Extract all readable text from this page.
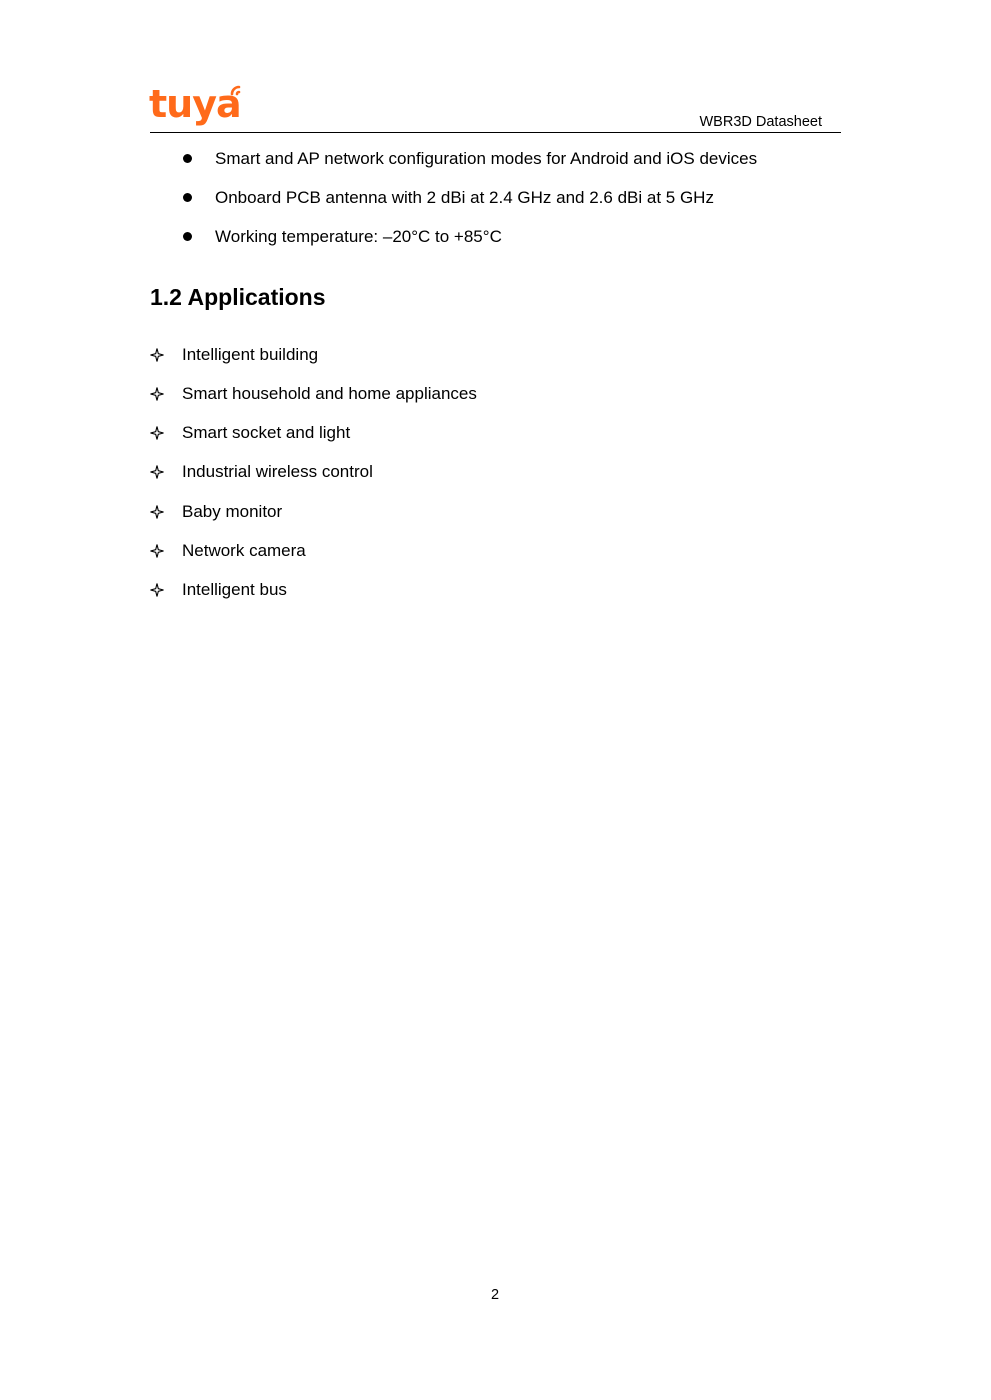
tuya	WBR3D Datasheet
Smart and AP network configuration modes for Android and iOS devices
Onboard PCB antenna with 2 dBi at 2.4 GHz and 2.6 dBi at 5 GHz
Working temperature: –20°C to +85°C
1.2 Applications
Intelligent building
Smart household and home appliances
Smart socket and light
Industrial wireless control
Baby monitor
Network camera
Intelligent bus
2
